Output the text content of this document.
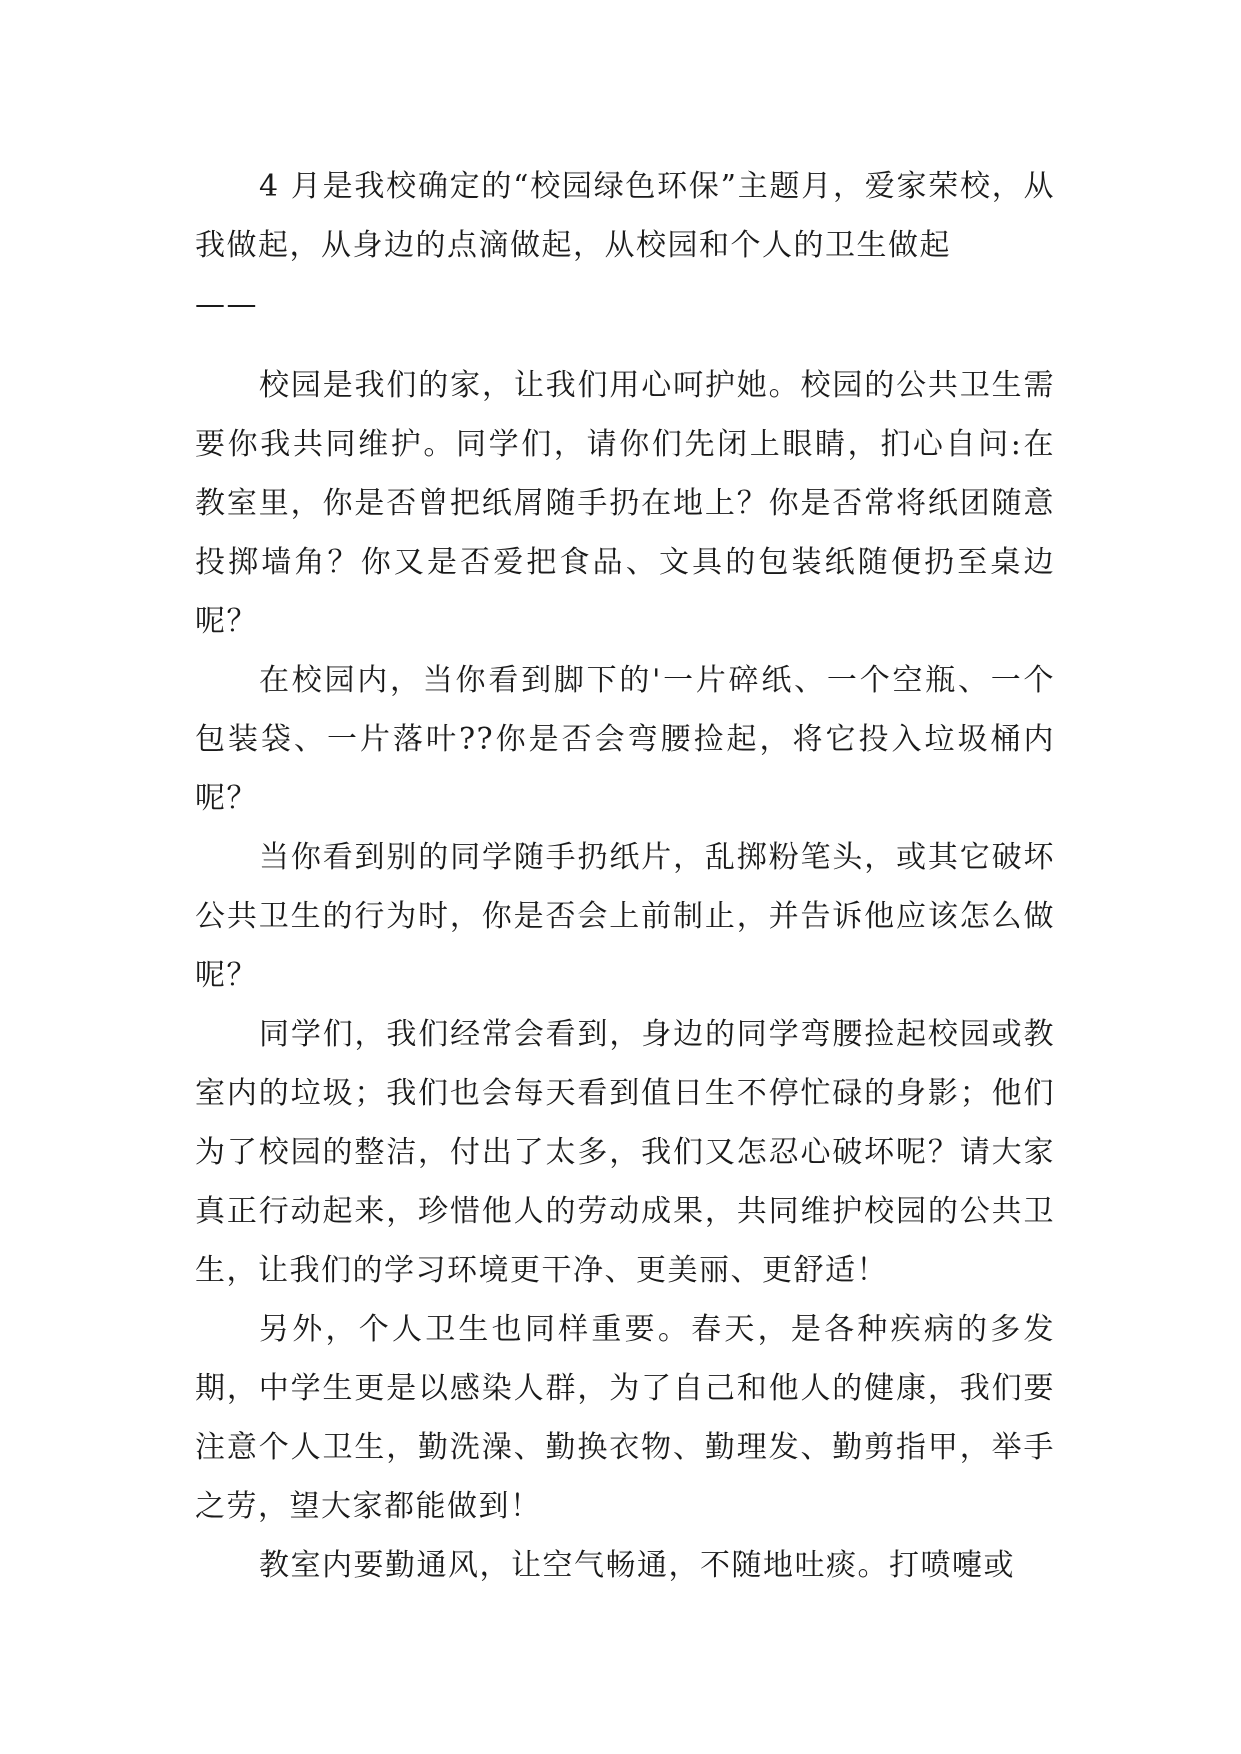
4 月是我校确定的“校园绿色环保”主题月，爱家荣校，从我做起，从身边的点滴做起，从校园和个人的卫生做起

——

校园是我们的家，让我们用心呵护她。校园的公共卫生需要你我共同维护。同学们，请你们先闭上眼睛，扪心自问:在教室里，你是否曾把纸屑随手扔在地上？你是否常将纸团随意投掷墙角？你又是否爱把食品、文具的包装纸随便扔至桌边呢？

在校园内，当你看到脚下的'一片碎纸、一个空瓶、一个包装袋、一片落叶??你是否会弯腰捡起，将它投入垃圾桶内呢？

当你看到别的同学随手扔纸片，乱掷粉笔头，或其它破坏公共卫生的行为时，你是否会上前制止，并告诉他应该怎么做呢？

同学们，我们经常会看到，身边的同学弯腰捡起校园或教室内的垃圾；我们也会每天看到值日生不停忙碌的身影；他们为了校园的整洁，付出了太多，我们又怎忍心破坏呢？请大家真正行动起来，珍惜他人的劳动成果，共同维护校园的公共卫生，让我们的学习环境更干净、更美丽、更舒适！

另外，个人卫生也同样重要。春天，是各种疾病的多发期，中学生更是以感染人群，为了自己和他人的健康，我们要注意个人卫生，勤洗澡、勤换衣物、勤理发、勤剪指甲，举手之劳，望大家都能做到！

教室内要勤通风，让空气畅通，不随地吐痰。打喷嚏或
